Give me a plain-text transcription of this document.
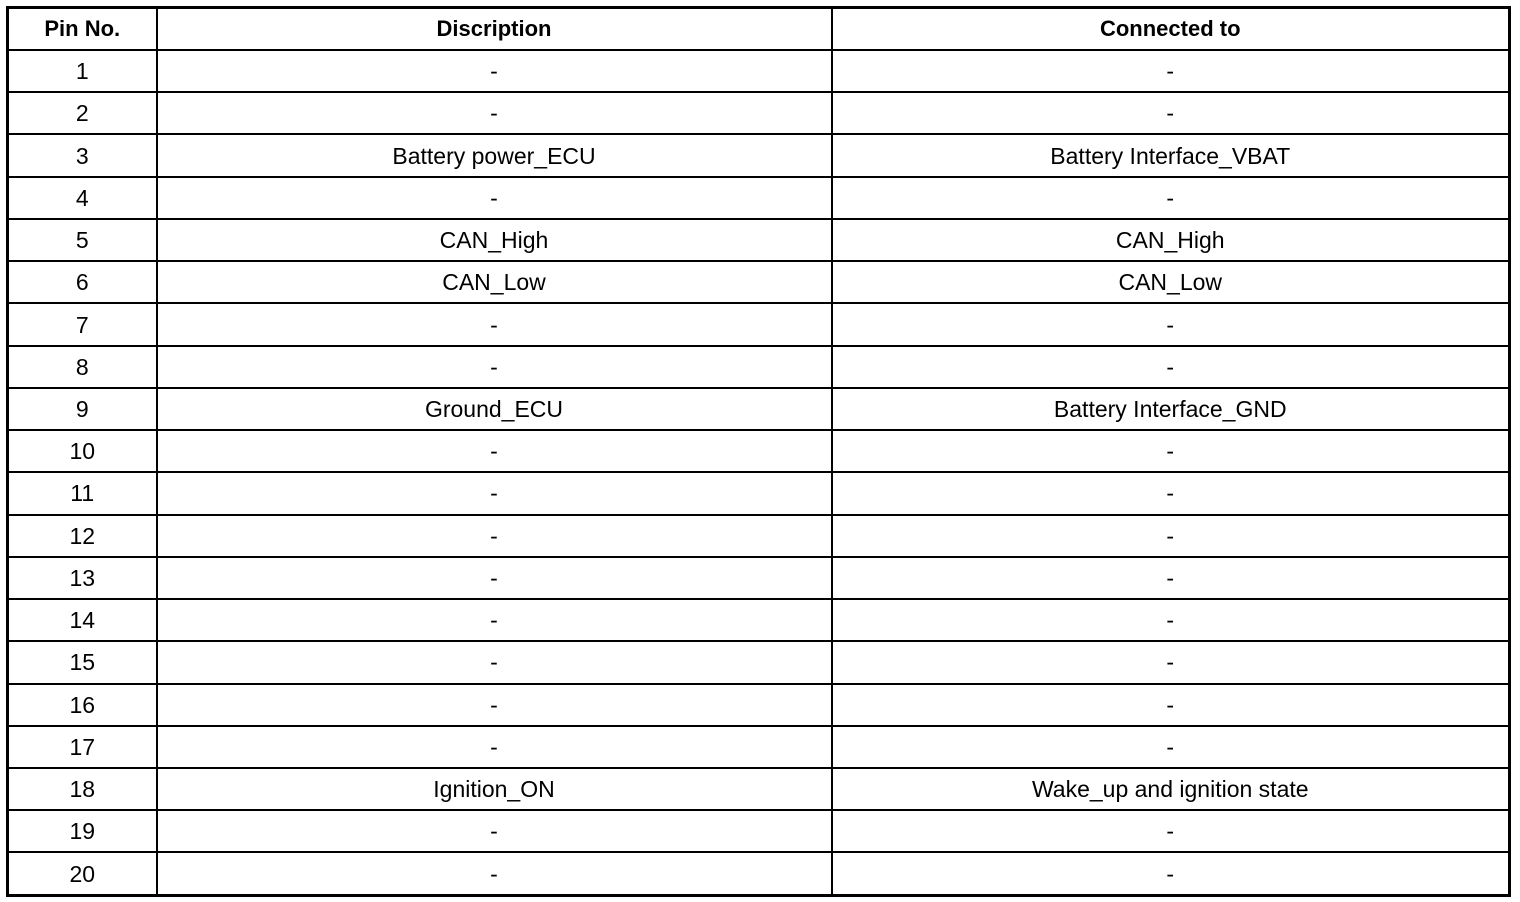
Pin No.	Discription	Connected to
1	-	-
2	-	-
3	Battery power_ECU	Battery Interface_VBAT
4	-	-
5	CAN_High	CAN_High
6	CAN_Low	CAN_Low
7	-	-
8	-	-
9	Ground_ECU	Battery Interface_GND
10	-	-
11	-	-
12	-	-
13	-	-
14	-	-
15	-	-
16	-	-
17	-	-
18	Ignition_ON	Wake_up and ignition state
19	-	-
20	-	-
